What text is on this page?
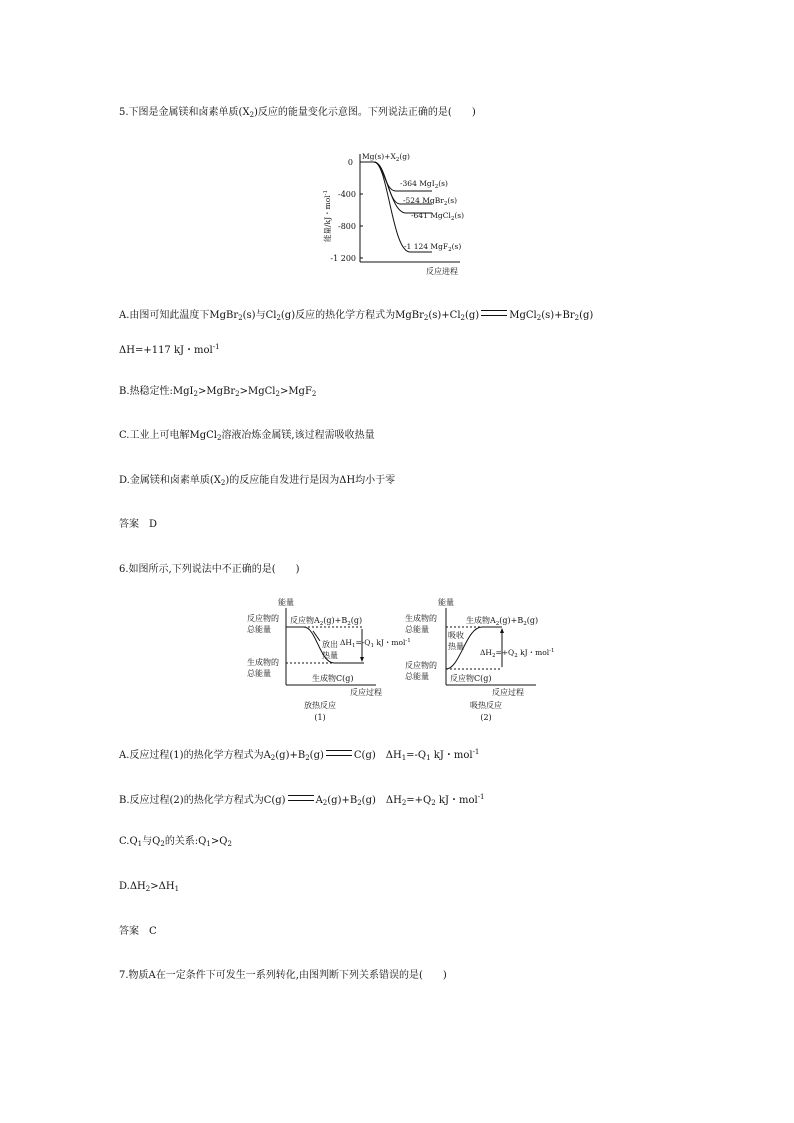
5.下图是金属镁和卤素单质$(X_2)$反应的能量变化示意图。下列说法正确的是(　　)
能量/kJ・mol$^{-1}$
0
-400
-800
-1 200
$Mg(s)+X_2(g)$
-364 MgI$_2$(s)
-524 MgBr$_2$(s)
-641 MgCl$_2$(s)
-1 124 MgF$_2$(s)
反应进程
A.由图可知此温度下MgBr$_2$(s)与$Cl_2(g)$反应的热化学方程式为$MgBr_2(s)+Cl_2(g)$	$MgCl_2(s)+Br_2(g)$
ΔH=+117 kJ・mol$^{-1}$
B.热稳定性:MgI$_2$>MgBr$_2$>MgCl$_2$>MgF$_2$
C.工业上可电解MgCl$_2$溶液冶炼金属镁,该过程需吸收热量
D.金属镁和卤素单质$(X_2)$的反应能自发进行是因为ΔH均小于零
答案　D
6.如图所示,下列说法中不正确的是(　　)
能量
反应物的
总能量
生成物的
总能量
反应物$A_2(g)+B_2(g)$
放出
热量
$\Delta H_1=-Q_1$ kJ・mol$^{-1}$
生成物C(g)
反应过程
放热反应
(1)
能量
生成物的
总能量
反应物的
总能量
生成物$A_2(g)+B_2(g)$
吸收
热量
$\Delta H_2=+Q_2$ kJ・mol$^{-1}$
反应物C(g)
反应过程
吸热反应
(2)
A.反应过程(1)的热化学方程式为$A_2(g)+B_2(g)$	C(g)　$\Delta H_1=-Q_1$ kJ・mol$^{-1}$
B.反应过程(2)的热化学方程式为C(g)	$A_2(g)+B_2(g)$　$\Delta H_2=+Q_2$ kJ・mol$^{-1}$
$C.Q_1$与$Q_2$的关系$:Q_1>Q_2$
$D.\Delta H_2>\Delta H_1$
答案　C
7.物质A在一定条件下可发生一系列转化,由图判断下列关系错误的是(　　)
